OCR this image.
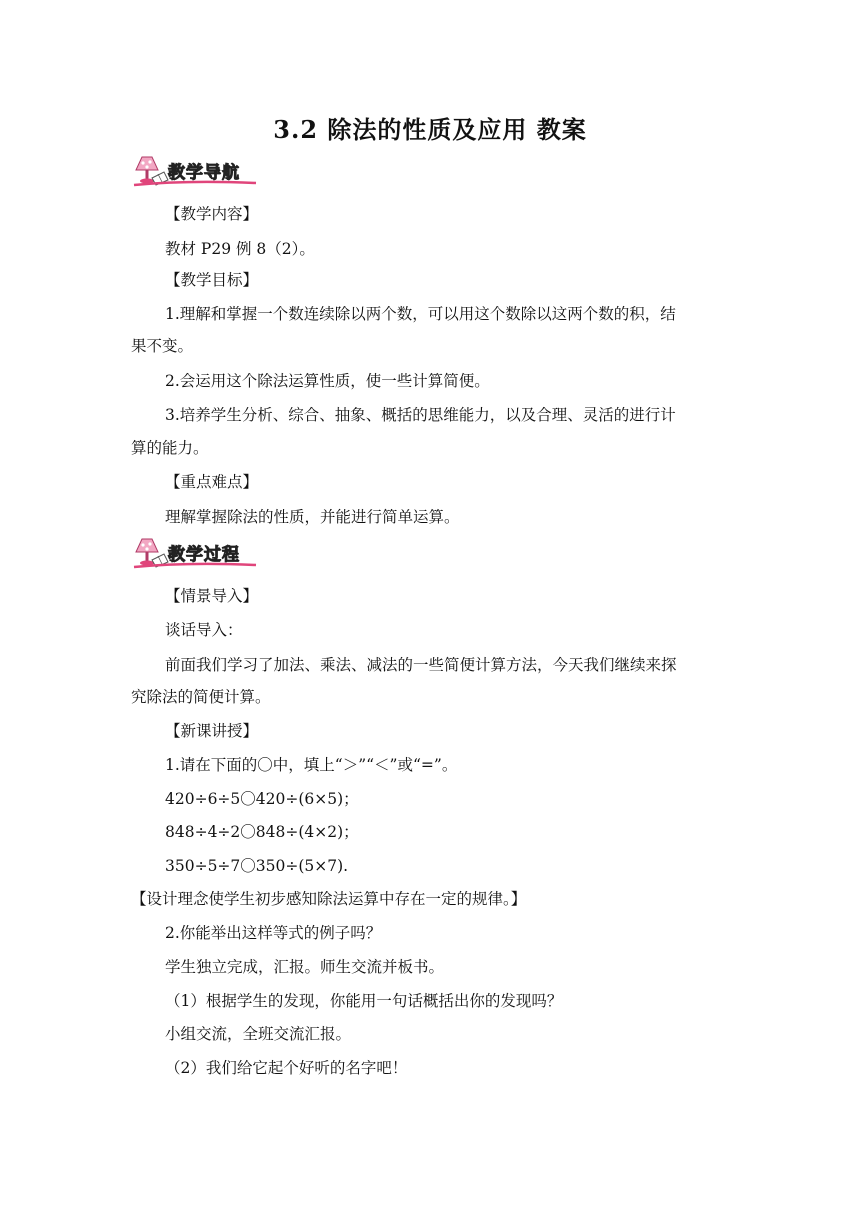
3.2 除法的性质及应用 教案
教学导航
【教学内容】
教材 P29 例 8（2）。
【教学目标】
1.理解和掌握一个数连续除以两个数，可以用这个数除以这两个数的积，结
果不变。
2.会运用这个除法运算性质，使一些计算简便。
3.培养学生分析、综合、抽象、概括的思维能力，以及合理、灵活的进行计
算的能力。
【重点难点】
理解掌握除法的性质，并能进行简单运算。
教学过程
【情景导入】
谈话导入：
前面我们学习了加法、乘法、减法的一些简便计算方法，今天我们继续来探
究除法的简便计算。
【新课讲授】
1.请在下面的〇中，填上“＞”“＜”或“=”。
420÷6÷5〇420÷(6×5)；
848÷4÷2〇848÷(4×2)；
350÷5÷7〇350÷(5×7).
【设计理念使学生初步感知除法运算中存在一定的规律。】
2.你能举出这样等式的例子吗？
学生独立完成，汇报。师生交流并板书。
（1）根据学生的发现，你能用一句话概括出你的发现吗？
小组交流，全班交流汇报。
（2）我们给它起个好听的名字吧！
